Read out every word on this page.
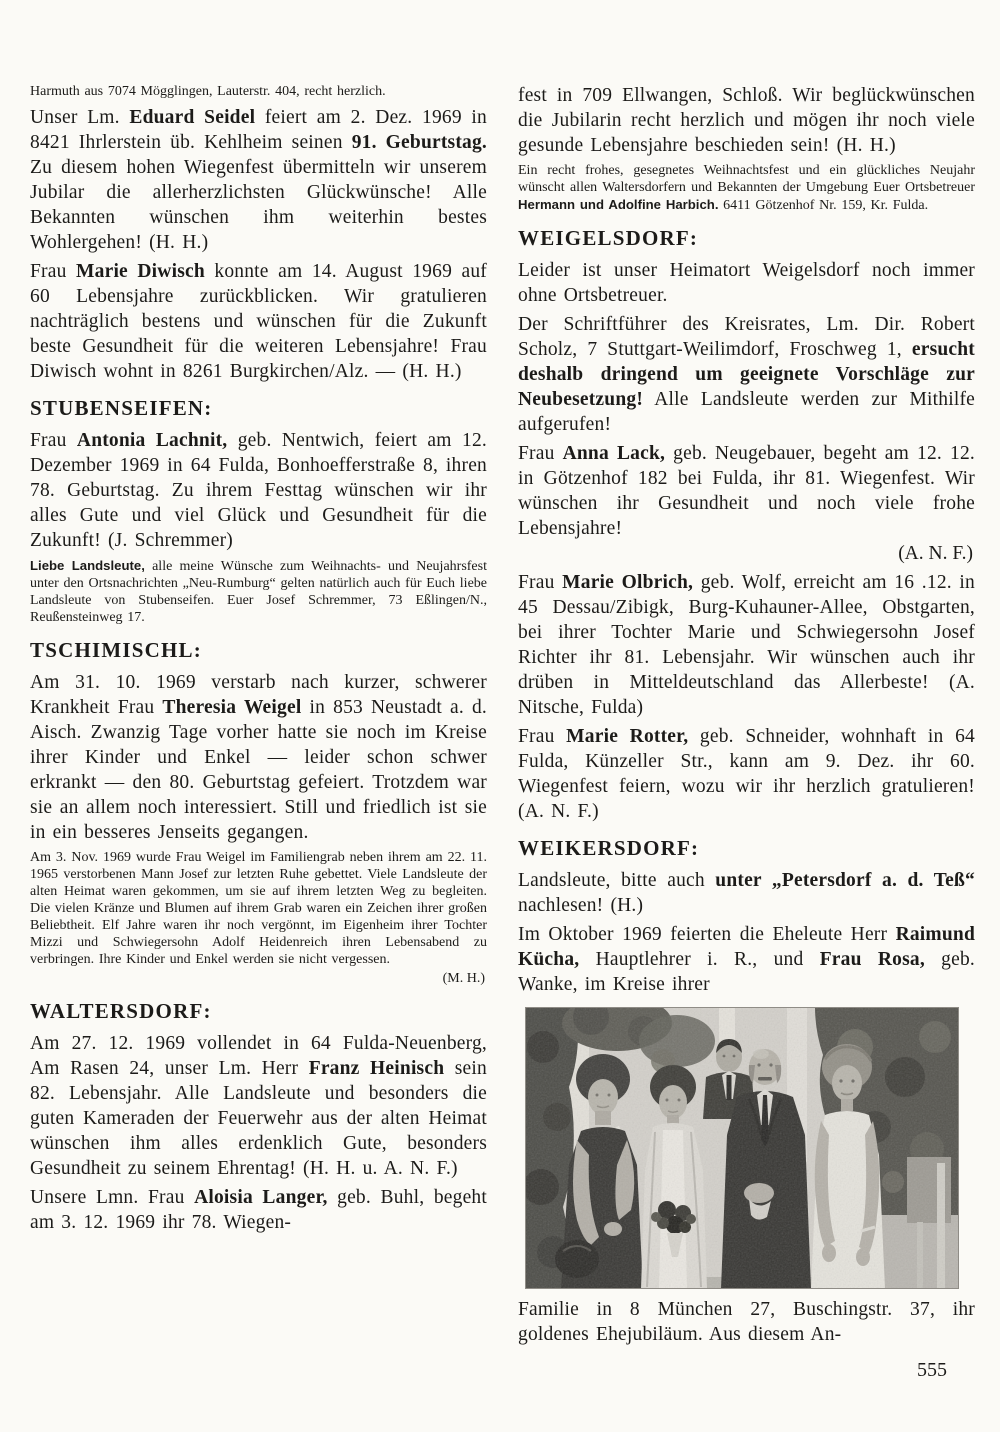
Harmuth aus 7074 Mögglingen, Lauterstr. 404, recht herzlich.

Unser Lm. Eduard Seidel feiert am 2. Dez. 1969 in 8421 Ihrlerstein üb. Kehlheim seinen 91. Geburtstag. Zu diesem hohen Wiegenfest übermitteln wir unserem Jubilar die allerherzlichsten Glückwünsche! Alle Bekannten wünschen ihm weiterhin bestes Wohlergehen! (H. H.)

Frau Marie Diwisch konnte am 14. August 1969 auf 60 Lebensjahre zurückblicken. Wir gratulieren nachträglich bestens und wünschen für die Zukunft beste Gesundheit für die weiteren Lebensjahre! Frau Diwisch wohnt in 8261 Burgkirchen/Alz. — (H. H.)

STUBENSEIFEN:

Frau Antonia Lachnit, geb. Nentwich, feiert am 12. Dezember 1969 in 64 Fulda, Bonhoefferstraße 8, ihren 78. Geburtstag. Zu ihrem Festtag wünschen wir ihr alles Gute und viel Glück und Gesundheit für die Zukunft! (J. Schremmer)

Liebe Landsleute, alle meine Wünsche zum Weihnachts- und Neujahrsfest unter den Ortsnachrichten „Neu-Rumburg“ gelten natürlich auch für Euch liebe Landsleute von Stubenseifen. Euer Josef Schremmer, 73 Eßlingen/N., Reußensteinweg 17.

TSCHIMISCHL:

Am 31. 10. 1969 verstarb nach kurzer, schwerer Krankheit Frau Theresia Weigel in 853 Neustadt a. d. Aisch. Zwanzig Tage vorher hatte sie noch im Kreise ihrer Kinder und Enkel — leider schon schwer erkrankt — den 80. Geburtstag gefeiert. Trotzdem war sie an allem noch interessiert. Still und friedlich ist sie in ein besseres Jenseits gegangen.

Am 3. Nov. 1969 wurde Frau Weigel im Familiengrab neben ihrem am 22. 11. 1965 verstorbenen Mann Josef zur letzten Ruhe gebettet. Viele Landsleute der alten Heimat waren gekommen, um sie auf ihrem letzten Weg zu begleiten. Die vielen Kränze und Blumen auf ihrem Grab waren ein Zeichen ihrer großen Beliebtheit. Elf Jahre waren ihr noch vergönnt, im Eigenheim ihrer Tochter Mizzi und Schwiegersohn Adolf Heidenreich ihren Lebensabend zu verbringen. Ihre Kinder und Enkel werden sie nicht vergessen.

(M. H.)
WALTERSDORF:

Am 27. 12. 1969 vollendet in 64 Fulda-Neuenberg, Am Rasen 24, unser Lm. Herr Franz Heinisch sein 82. Lebensjahr. Alle Landsleute und besonders die guten Kameraden der Feuerwehr aus der alten Heimat wünschen ihm alles erdenklich Gute, besonders Gesundheit zu seinem Ehrentag! (H. H. u. A. N. F.)

Unsere Lmn. Frau Aloisia Langer, geb. Buhl, begeht am 3. 12. 1969 ihr 78. Wiegen-

fest in 709 Ellwangen, Schloß. Wir beglückwünschen die Jubilarin recht herzlich und mögen ihr noch viele gesunde Lebensjahre beschieden sein! (H. H.)

Ein recht frohes, gesegnetes Weihnachtsfest und ein glückliches Neujahr wünscht allen Waltersdorfern und Bekannten der Umgebung Euer Ortsbetreuer Hermann und Adolfine Harbich. 6411 Götzenhof Nr. 159, Kr. Fulda.

WEIGELSDORF:

Leider ist unser Heimatort Weigelsdorf noch immer ohne Ortsbetreuer.

Der Schriftführer des Kreisrates, Lm. Dir. Robert Scholz, 7 Stuttgart-Weilimdorf, Froschweg 1, ersucht deshalb dringend um geeignete Vorschläge zur Neubesetzung! Alle Landsleute werden zur Mithilfe aufgerufen!

Frau Anna Lack, geb. Neugebauer, begeht am 12. 12. in Götzenhof 182 bei Fulda, ihr 81. Wiegenfest. Wir wünschen ihr Gesundheit und noch viele frohe Lebensjahre!

(A. N. F.)

Frau Marie Olbrich, geb. Wolf, erreicht am 16 .12. in 45 Dessau/Zibigk, Burg-Kuhauner-Allee, Obstgarten, bei ihrer Tochter Marie und Schwiegersohn Josef Richter ihr 81. Lebensjahr. Wir wünschen auch ihr drüben in Mitteldeutschland das Allerbeste! (A. Nitsche, Fulda)

Frau Marie Rotter, geb. Schneider, wohnhaft in 64 Fulda, Künzeller Str., kann am 9. Dez. ihr 60. Wiegenfest feiern, wozu wir ihr herzlich gratulieren! (A. N. F.)

WEIKERSDORF:

Landsleute, bitte auch unter „Petersdorf a. d. Teß“ nachlesen! (H.)

Im Oktober 1969 feierten die Eheleute Herr Raimund Kücha, Hauptlehrer i. R., und Frau Rosa, geb. Wanke, im Kreise ihrer

Familie in 8 München 27, Buschingstr. 37, ihr goldenes Ehejubiläum. Aus diesem An-

555
